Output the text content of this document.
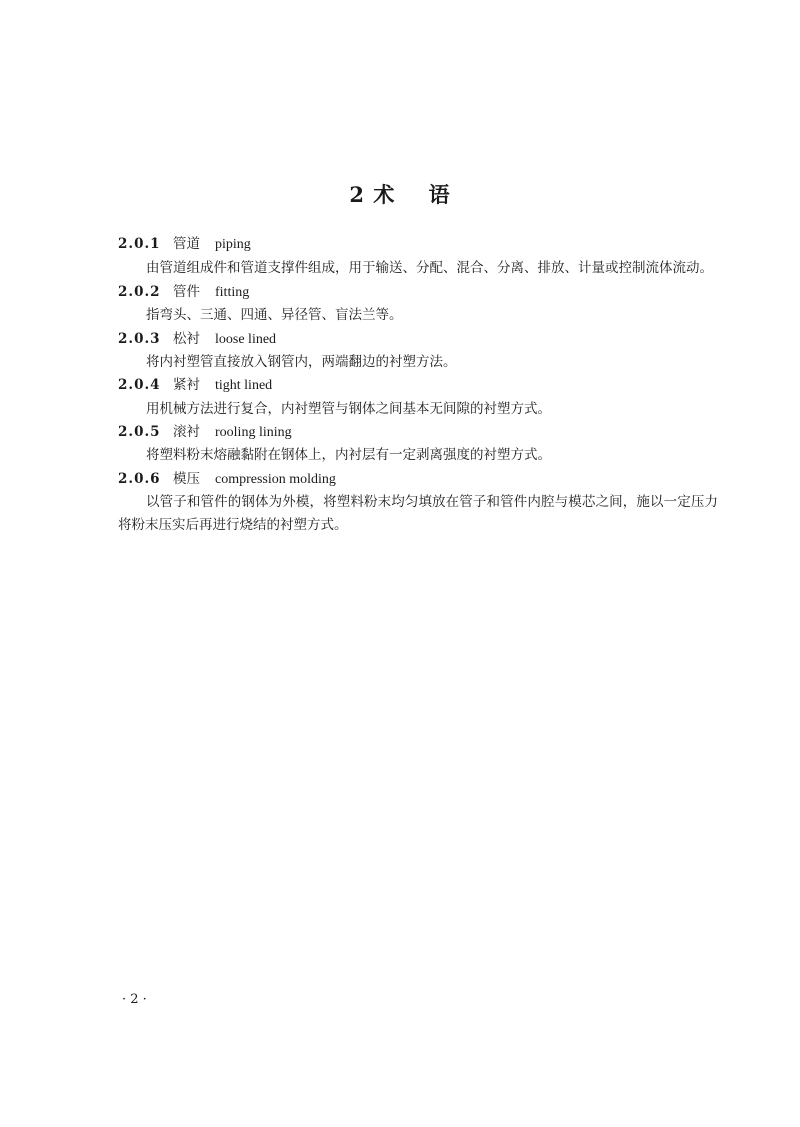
2 术    语
2.0.1 管道 piping
由管道组成件和管道支撑件组成，用于输送、分配、混合、分离、排放、计量或控制流体流动。
2.0.2 管件 fitting
指弯头、三通、四通、异径管、盲法兰等。
2.0.3 松衬 loose lined
将内衬塑管直接放入钢管内，两端翻边的衬塑方法。
2.0.4 紧衬 tight lined
用机械方法进行复合，内衬塑管与钢体之间基本无间隙的衬塑方式。
2.0.5 滚衬 rooling lining
将塑料粉末熔融黏附在钢体上，内衬层有一定剥离强度的衬塑方式。
2.0.6 模压 compression molding
以管子和管件的钢体为外模，将塑料粉末均匀填放在管子和管件内腔与模芯之间，施以一定压力将粉末压实后再进行烧结的衬塑方式。
· 2 ·
